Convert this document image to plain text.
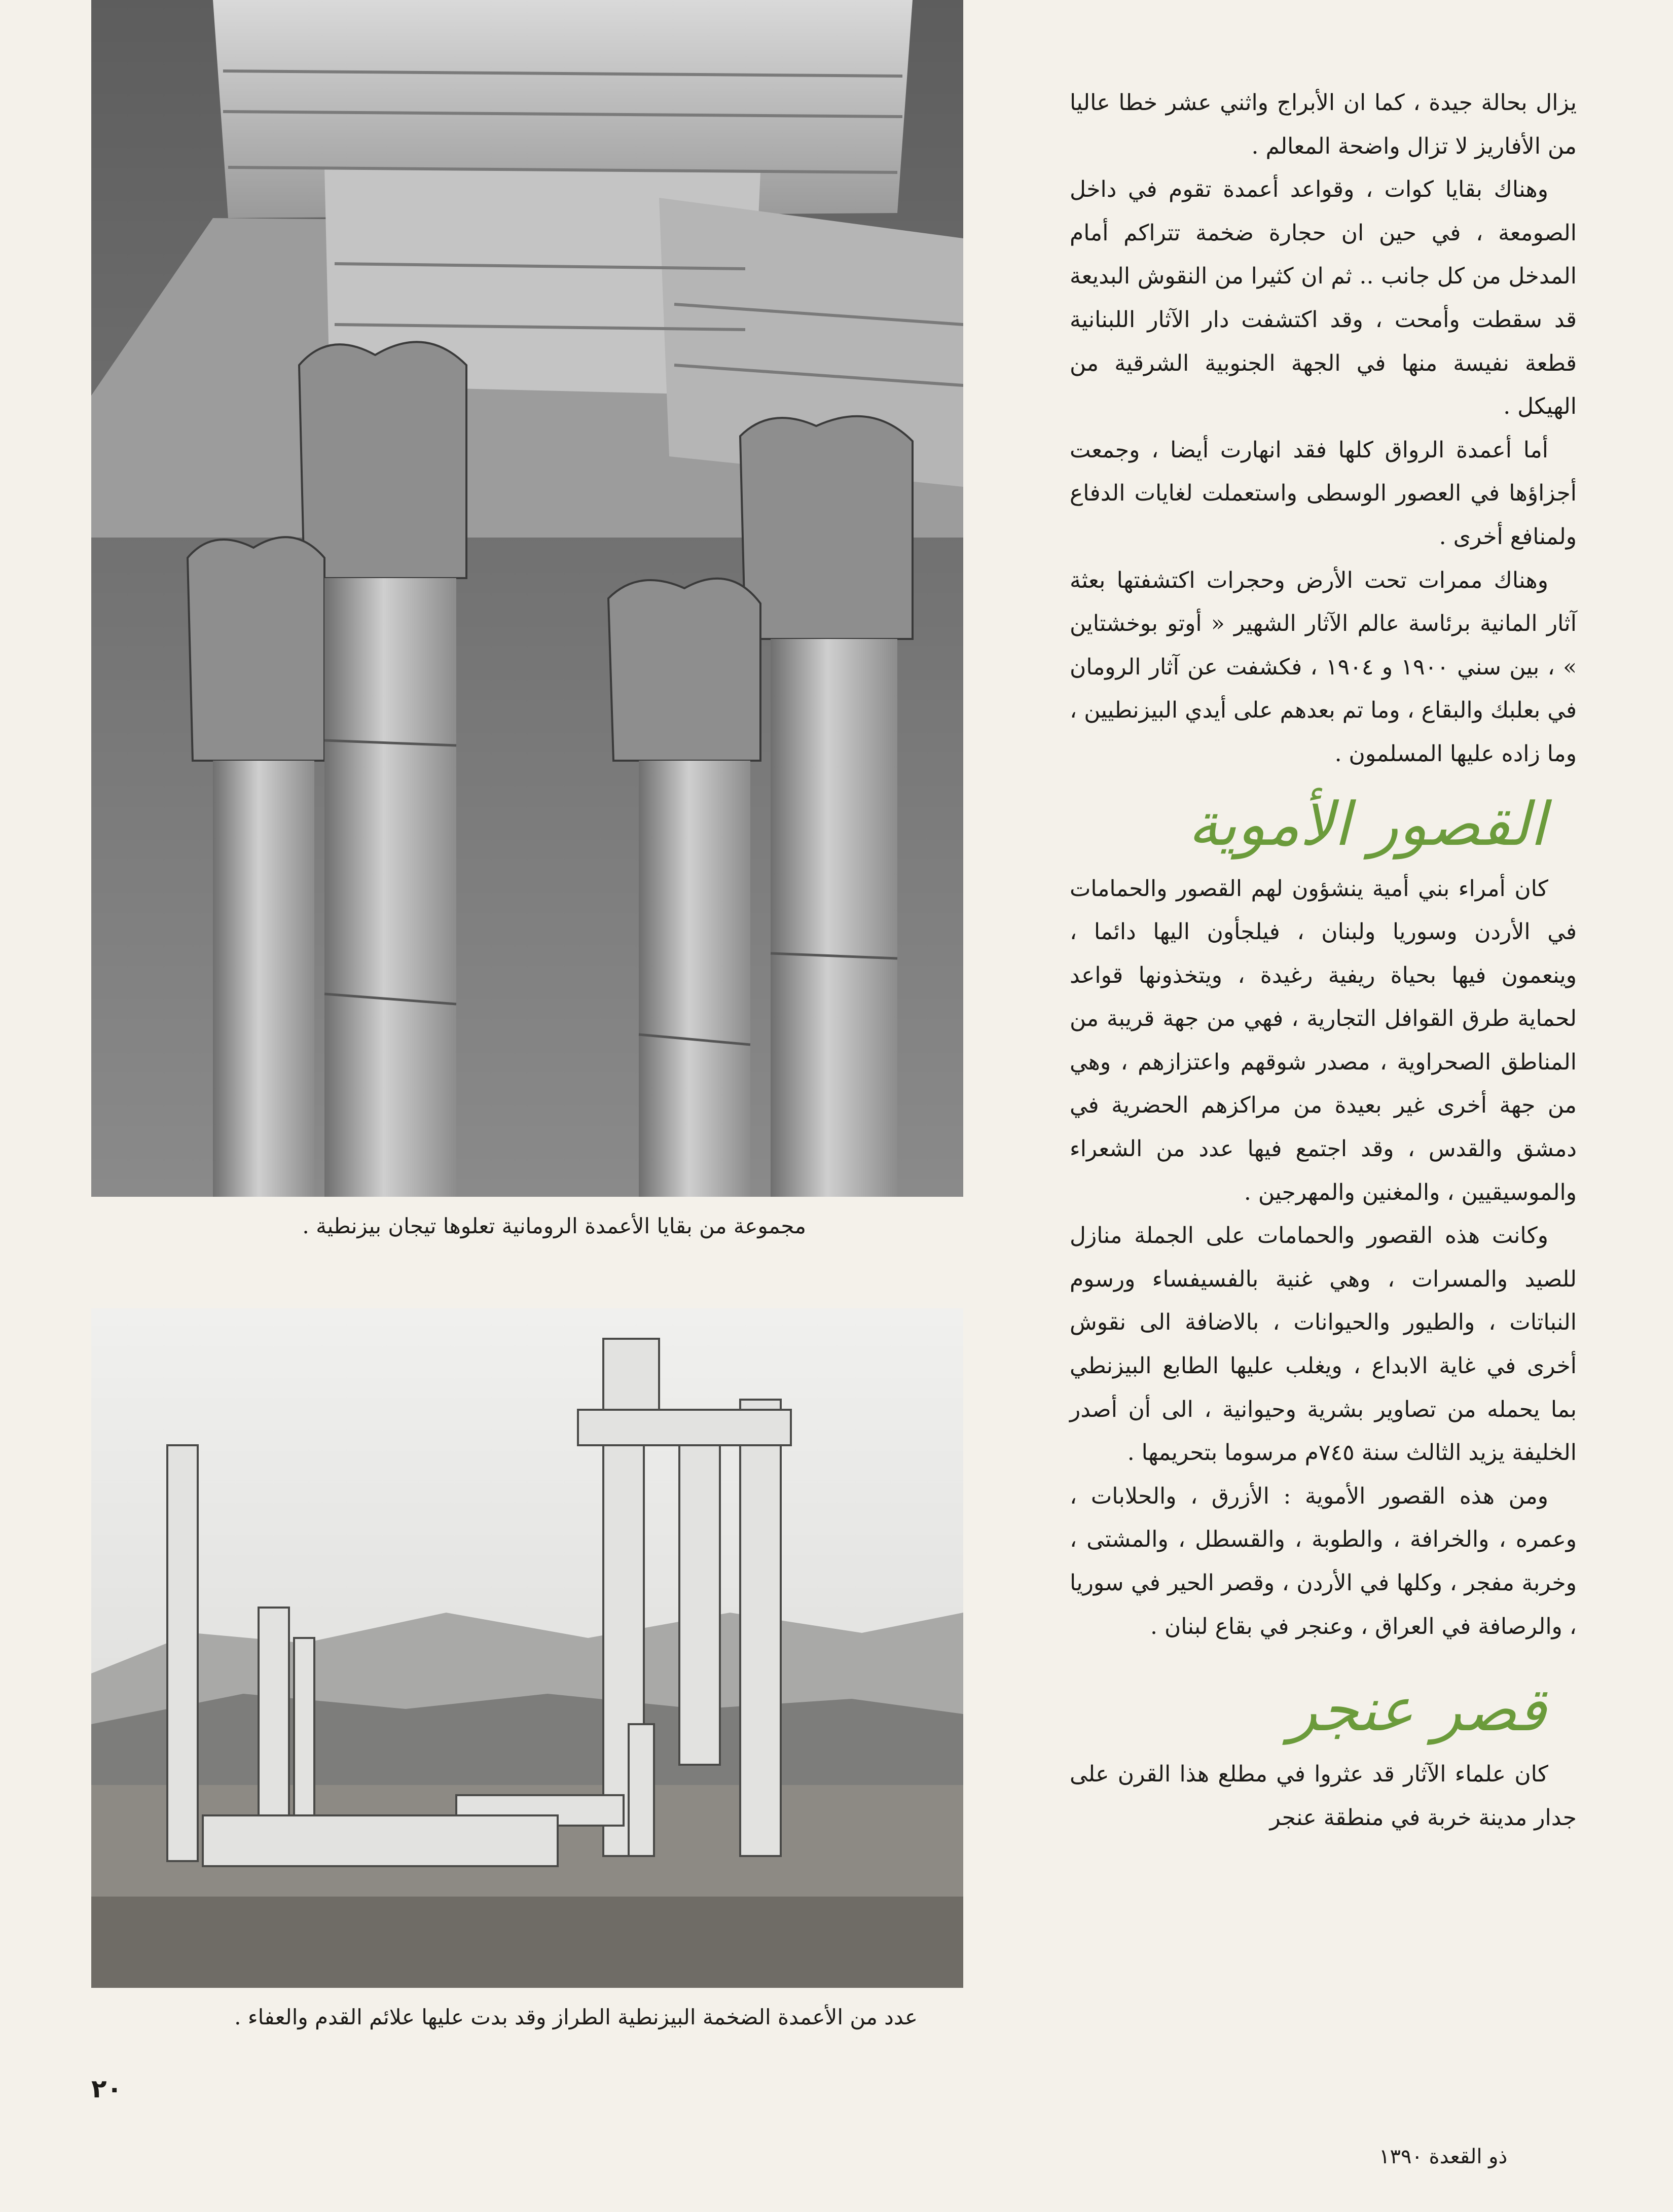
مجموعة من بقايا الأعمدة الرومانية تعلوها تيجان بيزنطية .
عدد من الأعمدة الضخمة البيزنطية الطراز وقد بدت عليها علائم القدم والعفاء .

يزال بحالة جيدة ، كما ان الأبراج واثني عشر خطا عاليا من الأفاريز لا تزال واضحة المعالم .

وهناك بقايا كوات ، وقواعد أعمدة تقوم في داخل الصومعة ، في حين ان حجارة ضخمة تتراكم أمام المدخل من كل جانب .. ثم ان كثيرا من النقوش البديعة قد سقطت وأمحت ، وقد اكتشفت دار الآثار اللبنانية قطعة نفيسة منها في الجهة الجنوبية الشرقية من الهيكل .

أما أعمدة الرواق كلها فقد انهارت أيضا ، وجمعت أجزاؤها في العصور الوسطى واستعملت لغايات الدفاع ولمنافع أخرى .

وهناك ممرات تحت الأرض وحجرات اكتشفتها بعثة آثار المانية برئاسة عالم الآثار الشهير « أوتو بوخشتاين » ، بين سني ١٩٠٠ و ١٩٠٤ ، فكشفت عن آثار الرومان في بعلبك والبقاع ، وما تم بعدهم على أيدي البيزنطيين ، وما زاده عليها المسلمون .

القصور الأموية

كان أمراء بني أمية ينشؤون لهم القصور والحمامات في الأردن وسوريا ولبنان ، فيلجأون اليها دائما ، وينعمون فيها بحياة ريفية رغيدة ، ويتخذونها قواعد لحماية طرق القوافل التجارية ، فهي من جهة قريبة من المناطق الصحراوية ، مصدر شوقهم واعتزازهم ، وهي من جهة أخرى غير بعيدة من مراكزهم الحضرية في دمشق والقدس ، وقد اجتمع فيها عدد من الشعراء والموسيقيين ، والمغنين والمهرجين .

وكانت هذه القصور والحمامات على الجملة منازل للصيد والمسرات ، وهي غنية بالفسيفساء ورسوم النباتات ، والطيور والحيوانات ، بالاضافة الى نقوش أخرى في غاية الابداع ، ويغلب عليها الطابع البيزنطي بما يحمله من تصاوير بشرية وحيوانية ، الى أن أصدر الخليفة يزيد الثالث سنة ٧٤٥م مرسوما بتحريمها .

ومن هذه القصور الأموية : الأزرق ، والحلابات ، وعمره ، والخرافة ، والطوبة ، والقسطل ، والمشتى ، وخربة مفجر ، وكلها في الأردن ، وقصر الحير في سوريا ، والرصافة في العراق ، وعنجر في بقاع لبنان .

قصر عنجر

كان علماء الآثار قد عثروا في مطلع هذا القرن على جدار مدينة خربة في منطقة عنجر

٢٠
ذو القعدة ١٣٩٠
